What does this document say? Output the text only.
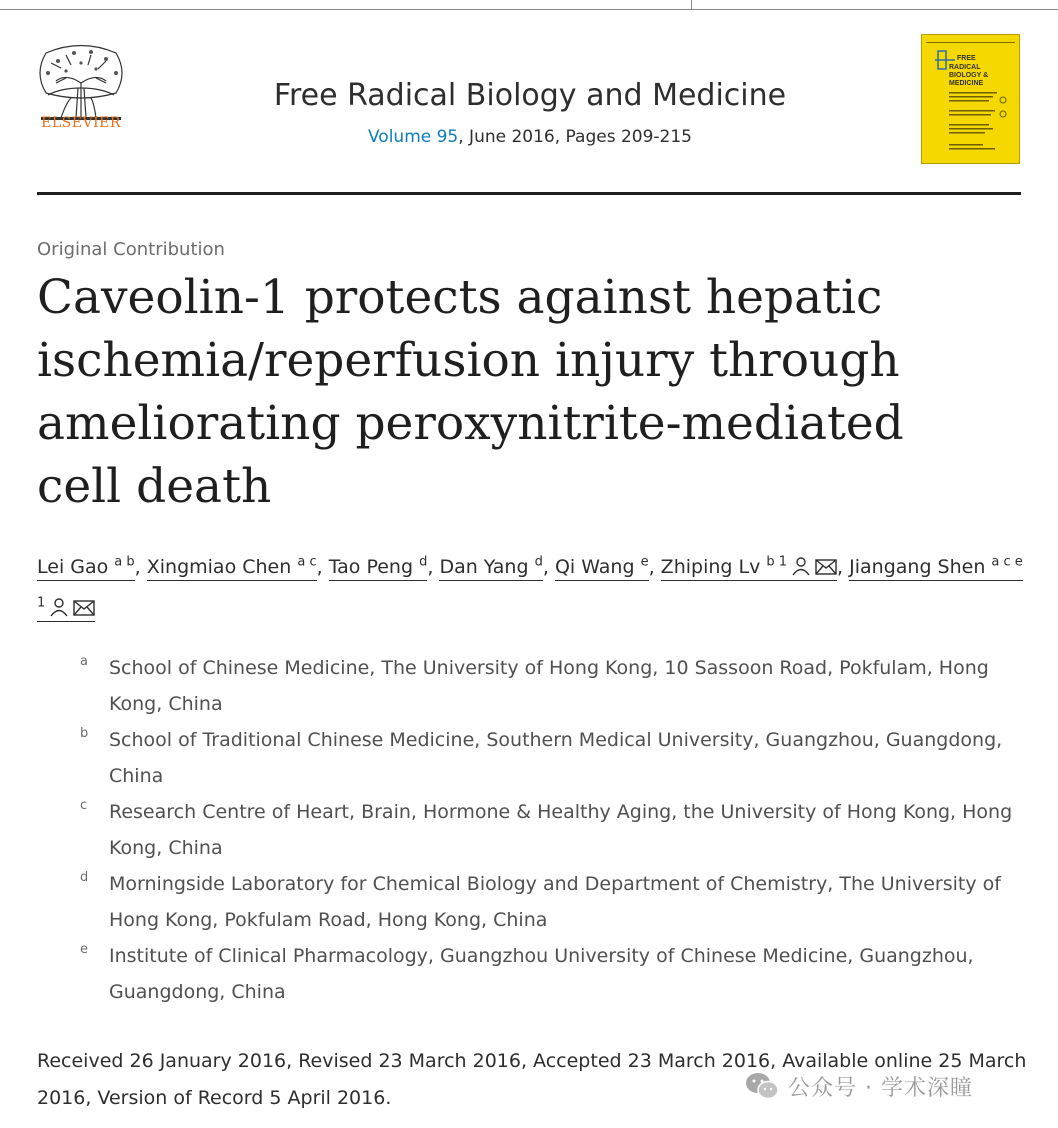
ELSEVIER
Free Radical Biology and Medicine
Volume 95, June 2016, Pages 209-215
FREE
RADICAL
BIOLOGY &
MEDICINE
Original Contribution
Caveolin-1 protects against hepatic ischemia/reperfusion injury through ameliorating peroxynitrite-mediated cell death
Lei Gao $^{a b}$, Xingmiao Chen $^{a c}$, Tao Peng $^d$, Dan Yang $^d$, Qi Wang $^e$, Zhiping Lv $^{b 1}$	, Jiangang Shen $^{a c e 1}$

a School of Chinese Medicine, The University of Hong Kong, 10 Sassoon Road, Pokfulam, Hong Kong, China

b School of Traditional Chinese Medicine, Southern Medical University, Guangzhou, Guangdong, China

c Research Centre of Heart, Brain, Hormone & Healthy Aging, the University of Hong Kong, Hong Kong, China

d Morningside Laboratory for Chemical Biology and Department of Chemistry, The University of Hong Kong, Pokfulam Road, Hong Kong, China

e Institute of Clinical Pharmacology, Guangzhou University of Chinese Medicine, Guangzhou, Guangdong, China

Received 26 January 2016, Revised 23 March 2016, Accepted 23 March 2016, Available online 25 March 2016, Version of Record 5 April 2016.	公众号 · 学术深瞳
